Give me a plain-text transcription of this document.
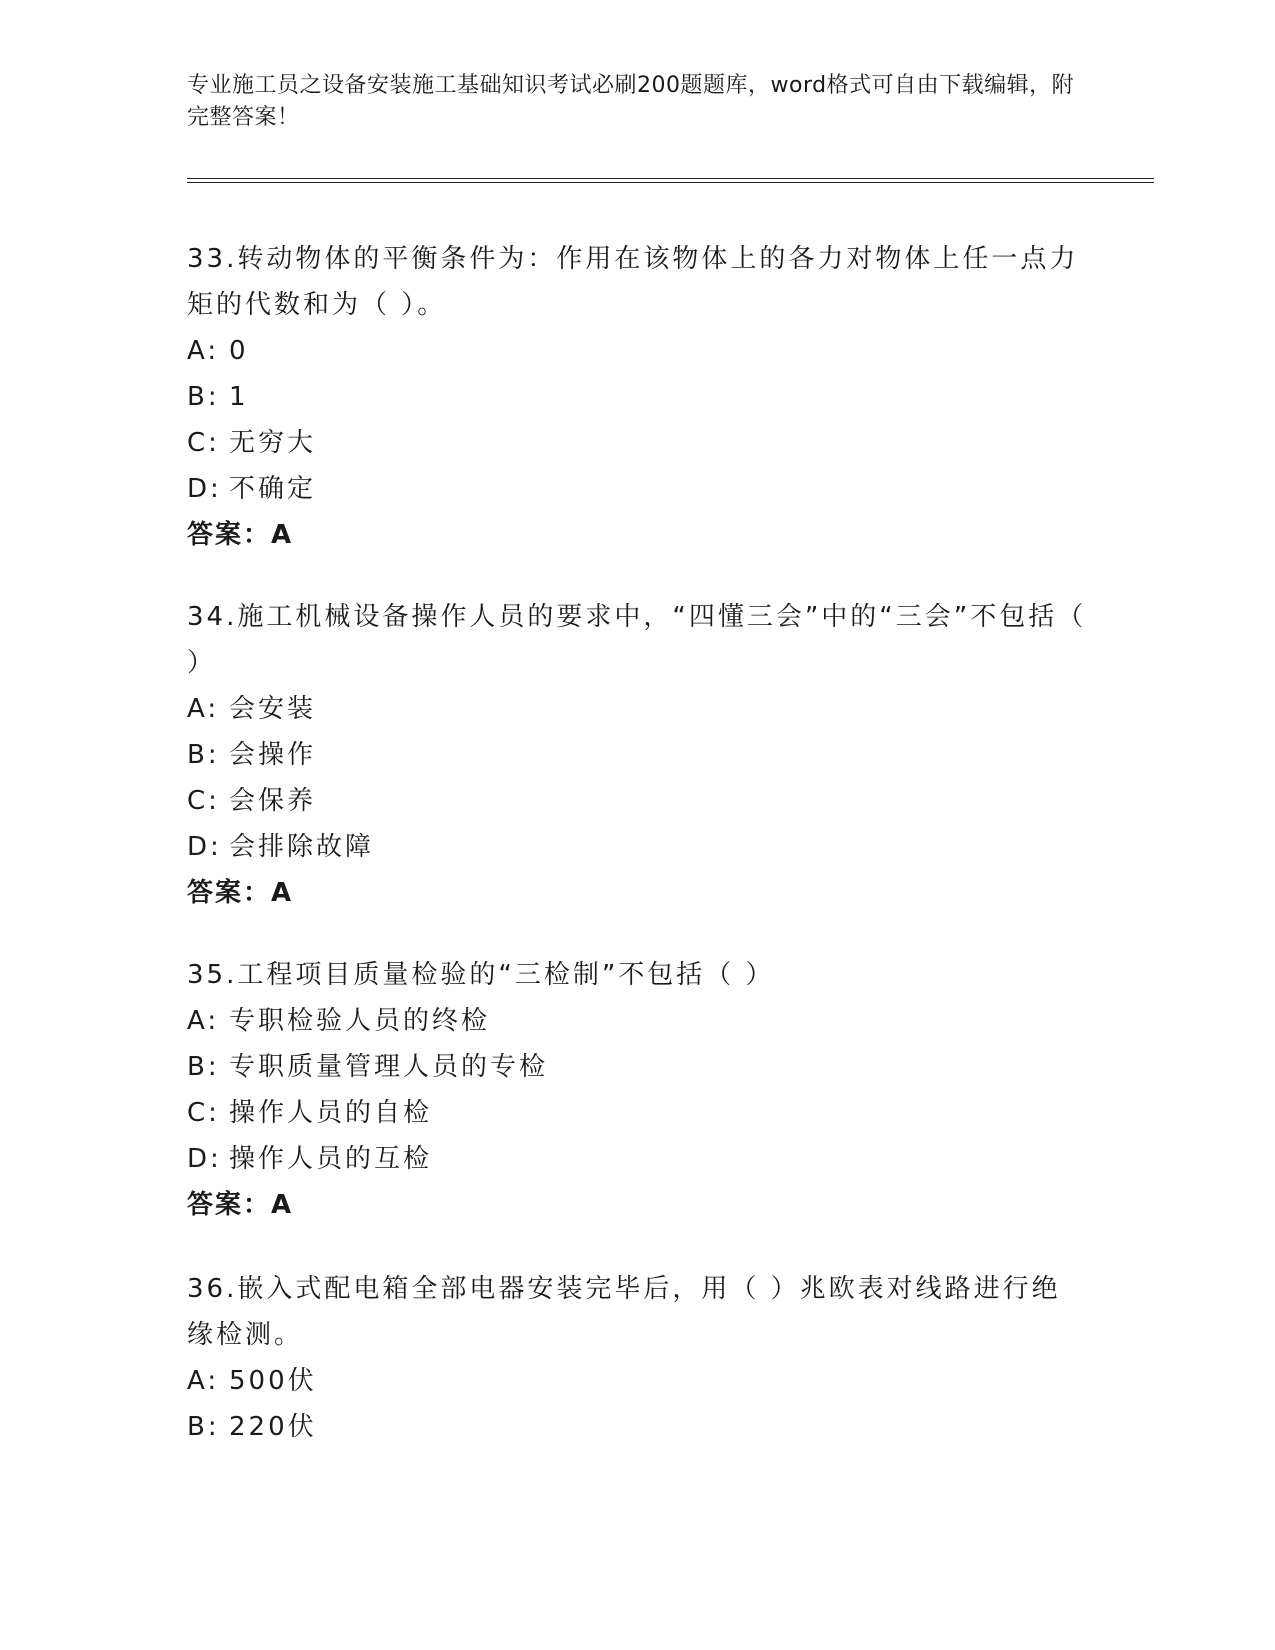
专业施工员之设备安装施工基础知识考试必刷200题题库，word格式可自由下载编辑，附完整答案！

33.转动物体的平衡条件为：作用在该物体上的各力对物体上任一点力矩的代数和为（ ）。

A: 0
B: 1
C: 无穷大
D: 不确定

答案：A

34.施工机械设备操作人员的要求中，“四懂三会”中的“三会”不包括（ ）

A: 会安装
B: 会操作
C: 会保养
D: 会排除故障

答案：A

35.工程项目质量检验的“三检制”不包括（ ）

A: 专职检验人员的终检
B: 专职质量管理人员的专检
C: 操作人员的自检
D: 操作人员的互检

答案：A

36.嵌入式配电箱全部电器安装完毕后，用（ ）兆欧表对线路进行绝缘检测。

A: 500伏
B: 220伏
